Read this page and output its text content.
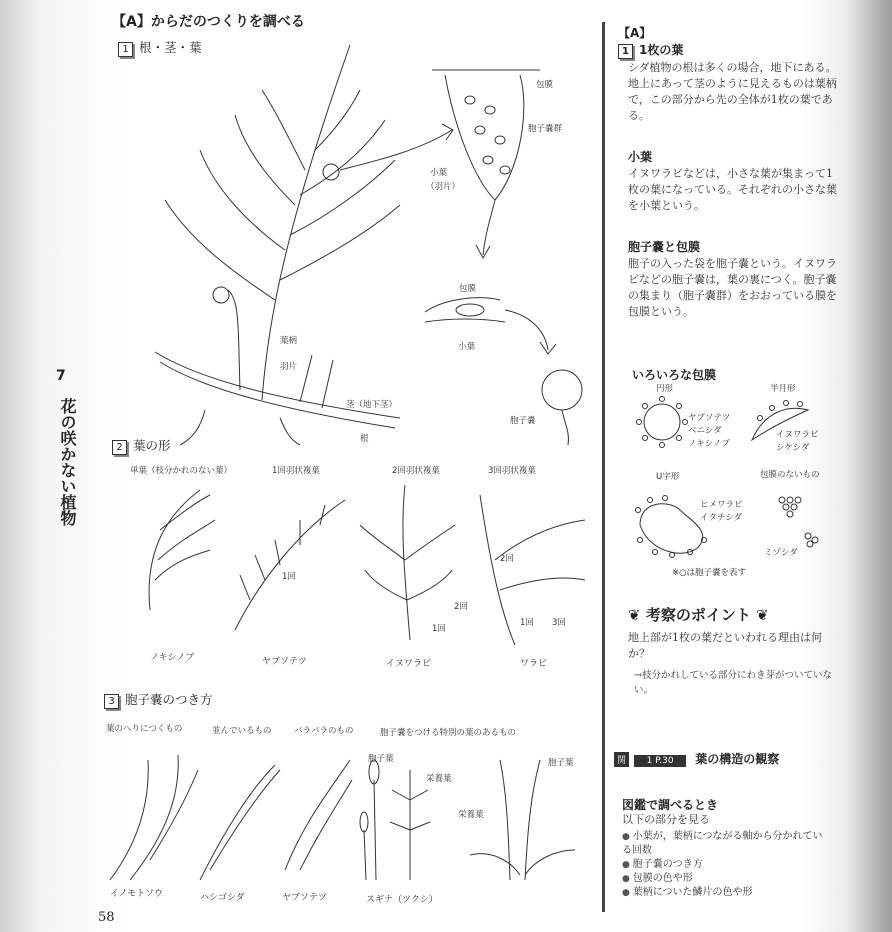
【A】からだのつくりを調べる
1 根・茎・葉
包膜
胞子嚢群
小葉
（羽片）
包膜
小葉
葉柄
羽片
茎（地下茎）
根
胞子嚢
2 葉の形
単葉（枝分かれのない葉）	1回羽状複葉	2回羽状複葉	3回羽状複葉
1回
2回
1回
2回
1回 3回
ノキシノブ	ヤブソテツ	イヌワラビ	ワラビ
3 胞子嚢のつき方
葉のへりにつくもの	並んでいるもの	バラバラのもの	胞子嚢をつける特別の葉のあるもの
胞子葉
栄養葉
胞子葉
栄養葉
イノモトソウ	ハシゴシダ	ヤブソテツ	スギナ（ツクシ）
7
花の咲かない植物
58
【A】
1 1枚の葉
シダ植物の根は多くの場合，地下にある。地上にあって茎のように見えるものは葉柄で，この部分から先の全体が1枚の葉である。
小葉
イヌワラビなどは，小さな葉が集まって1枚の葉になっている。それぞれの小さな葉を小葉という。
胞子嚢と包膜
胞子の入った袋を胞子嚢という。イヌワラビなどの胞子嚢は，葉の裏につく。胞子嚢の集まり（胞子嚢群）をおおっている膜を包膜という。
いろいろな包膜
円形	半月形
ヤブソテツ
ベニシダ
ノキシノブ
イヌワラビ
シケシダ
U字形	包膜のないもの
ヒメワラビ
イタチシダ
ミゾシダ
※○は胞子嚢を表す
❦ 考察のポイント ❦
地上部が1枚の葉だといわれる理由は何か？
→枝分かれしている部分にわき芽がついていない。
関 1 P.30 葉の構造の観察
図鑑で調べるとき
以下の部分を見る
● 小葉が，葉柄につながる軸から分かれている回数
● 胞子嚢のつき方
● 包膜の色や形
● 葉柄についた鱗片の色や形
